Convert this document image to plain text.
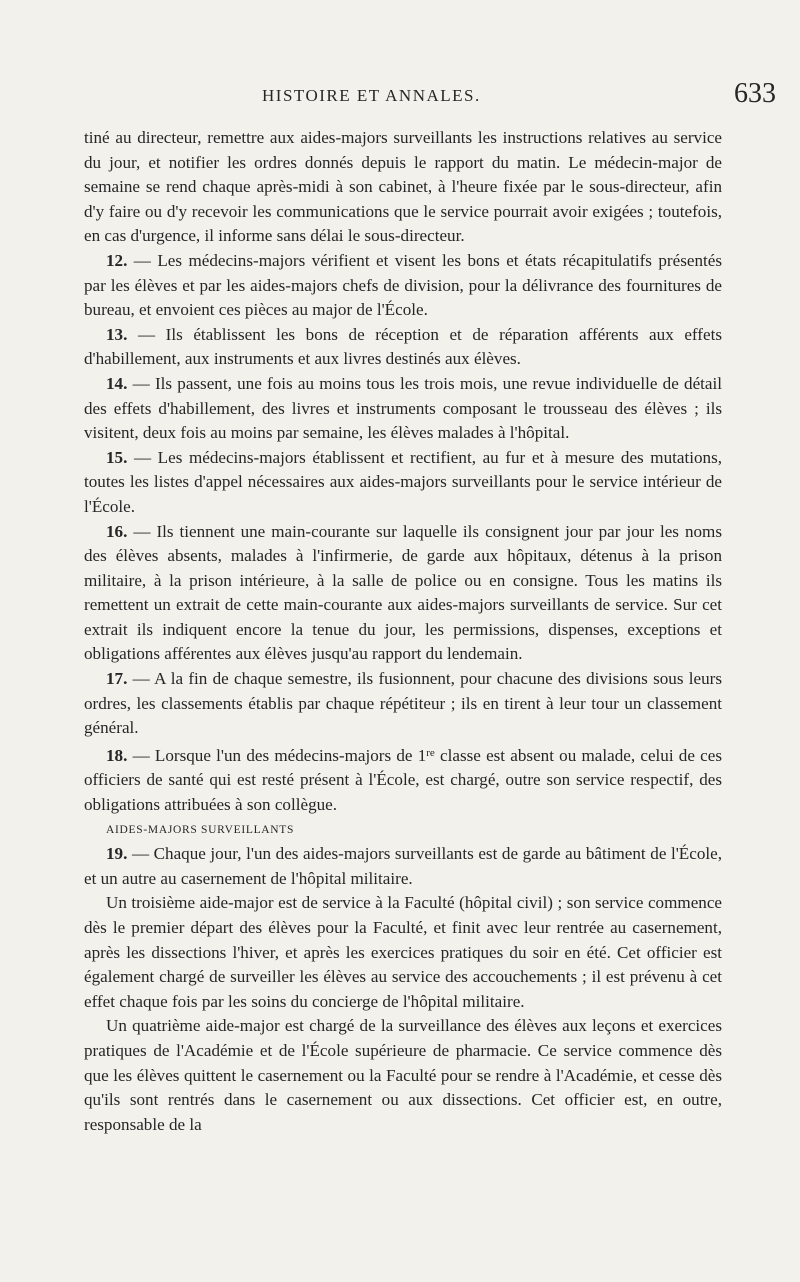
HISTOIRE ET ANNALES.	633

tiné au directeur, remettre aux aides-majors surveillants les instructions relatives au service du jour, et notifier les ordres donnés depuis le rapport du matin. Le médecin-major de semaine se rend chaque après-midi à son cabinet, à l'heure fixée par le sous-directeur, afin d'y faire ou d'y recevoir les communications que le service pourrait avoir exigées ; toutefois, en cas d'urgence, il informe sans délai le sous-directeur.

12. — Les médecins-majors vérifient et visent les bons et états récapitulatifs présentés par les élèves et par les aides-majors chefs de division, pour la délivrance des fournitures de bureau, et envoient ces pièces au major de l'École.

13. — Ils établissent les bons de réception et de réparation afférents aux effets d'habillement, aux instruments et aux livres destinés aux élèves.

14. — Ils passent, une fois au moins tous les trois mois, une revue individuelle de détail des effets d'habillement, des livres et instruments composant le trousseau des élèves ; ils visitent, deux fois au moins par semaine, les élèves malades à l'hôpital.

15. — Les médecins-majors établissent et rectifient, au fur et à mesure des mutations, toutes les listes d'appel nécessaires aux aides-majors surveillants pour le service intérieur de l'École.

16. — Ils tiennent une main-courante sur laquelle ils consignent jour par jour les noms des élèves absents, malades à l'infirmerie, de garde aux hôpitaux, détenus à la prison militaire, à la prison intérieure, à la salle de police ou en consigne. Tous les matins ils remettent un extrait de cette main-courante aux aides-majors surveillants de service. Sur cet extrait ils indiquent encore la tenue du jour, les permissions, dispenses, exceptions et obligations afférentes aux élèves jusqu'au rapport du lendemain.

17. — A la fin de chaque semestre, ils fusionnent, pour chacune des divisions sous leurs ordres, les classements établis par chaque répétiteur ; ils en tirent à leur tour un classement général.

18. — Lorsque l'un des médecins-majors de 1re classe est absent ou malade, celui de ces officiers de santé qui est resté présent à l'École, est chargé, outre son service respectif, des obligations attribuées à son collègue.

AIDES-MAJORS SURVEILLANTS

19. — Chaque jour, l'un des aides-majors surveillants est de garde au bâtiment de l'École, et un autre au casernement de l'hôpital militaire.

Un troisième aide-major est de service à la Faculté (hôpital civil) ; son service commence dès le premier départ des élèves pour la Faculté, et finit avec leur rentrée au casernement, après les dissections l'hiver, et après les exercices pratiques du soir en été. Cet officier est également chargé de surveiller les élèves au service des accouchements ; il est prévenu à cet effet chaque fois par les soins du concierge de l'hôpital militaire.

Un quatrième aide-major est chargé de la surveillance des élèves aux leçons et exercices pratiques de l'Académie et de l'École supérieure de pharmacie. Ce service commence dès que les élèves quittent le casernement ou la Faculté pour se rendre à l'Académie, et cesse dès qu'ils sont rentrés dans le casernement ou aux dissections. Cet officier est, en outre, responsable de la
